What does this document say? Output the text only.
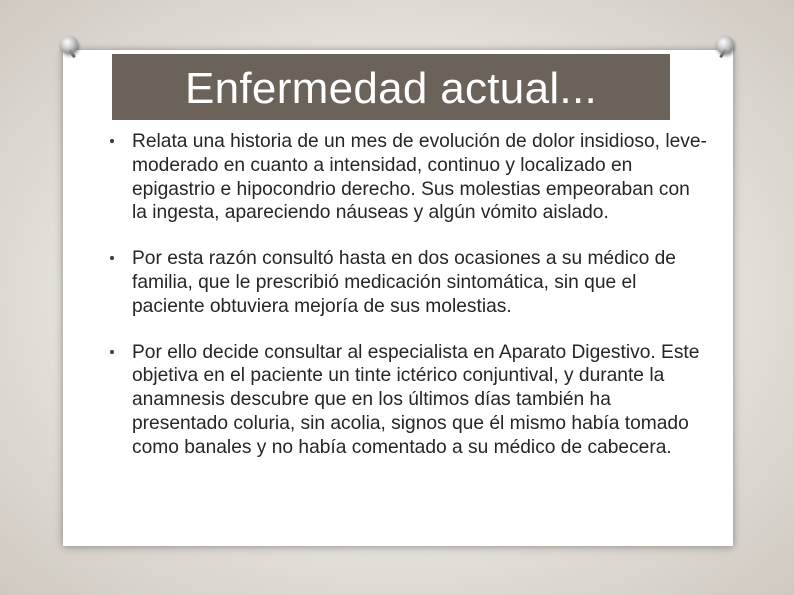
Enfermedad actual...
Relata una historia de un mes de evolución de dolor insidioso, leve-moderado en cuanto a intensidad, continuo y localizado en epigastrio e hipocondrio derecho. Sus molestias empeoraban con la ingesta, apareciendo náuseas y algún vómito aislado.
Por esta razón consultó hasta en dos ocasiones a su médico de familia, que le prescribió medicación sintomática, sin que el paciente obtuviera mejoría de sus molestias.
Por ello decide consultar al especialista en Aparato Digestivo. Este objetiva en el paciente un tinte ictérico conjuntival, y durante la anamnesis descubre que en los últimos días también ha presentado coluria, sin acolia, signos que él mismo había tomado como banales y no había comentado a su médico de cabecera.
